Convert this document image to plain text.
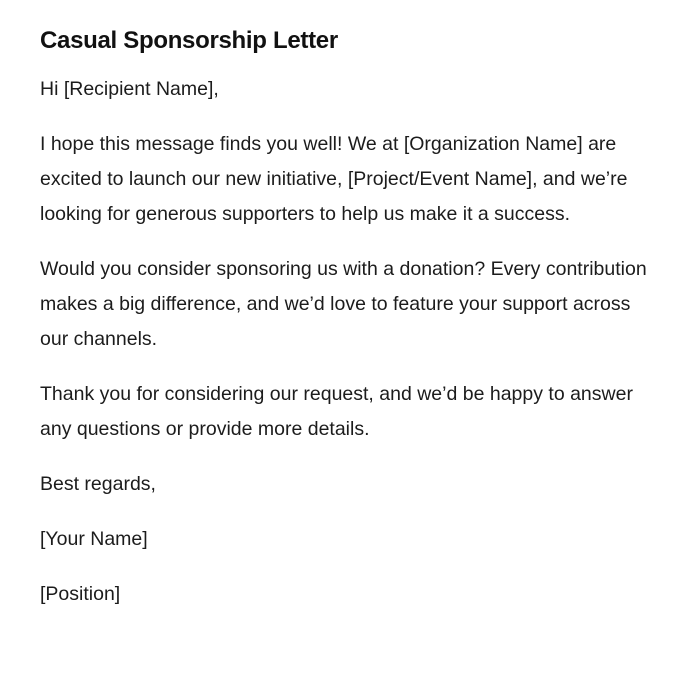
Casual Sponsorship Letter

Hi [Recipient Name],

I hope this message finds you well! We at [Organization Name] are excited to launch our new initiative, [Project/Event Name], and we’re looking for generous supporters to help us make it a success.

Would you consider sponsoring us with a donation? Every contribution makes a big difference, and we’d love to feature your support across our channels.

Thank you for considering our request, and we’d be happy to answer any questions or provide more details.

Best regards,

[Your Name]

[Position]
